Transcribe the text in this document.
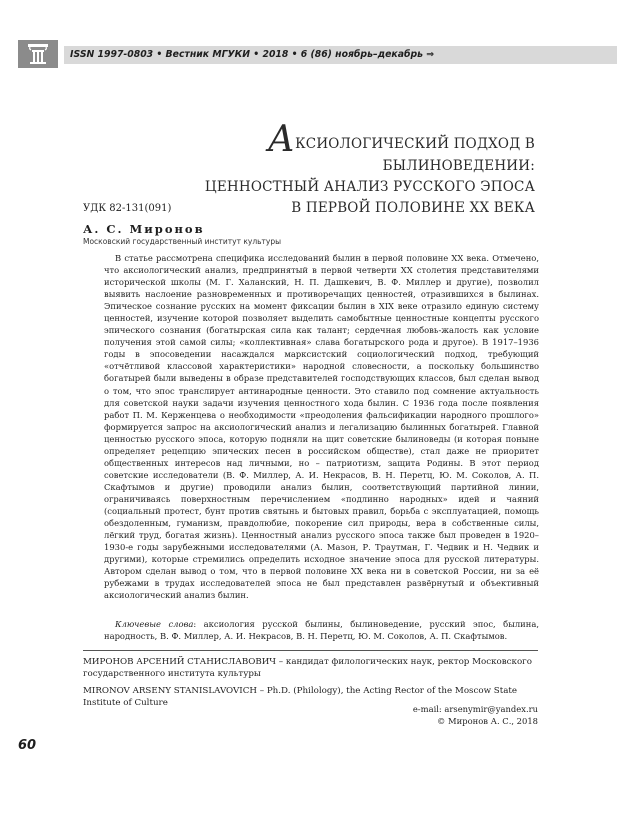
ISSN 1997-0803 • Вестник МГУКИ • 2018 • 6 (86) ноябрь–декабрь ⇒
АКСИОЛОГИЧЕСКИЙ ПОДХОД В БЫЛИНОВЕДЕНИИ:
ЦЕННОСТНЫЙ АНАЛИЗ РУССКОГО ЭПОСА
В ПЕРВОЙ ПОЛОВИНЕ XX ВЕКА
УДК 82-131(091)
А. С. Миронов
Московский государственный институт культуры

В статье рассмотрена специфика исследований былин в первой половине XX века. Отмечено, что аксиологический анализ, предпринятый в первой четверти XX столетия представителями исторической школы (М. Г. Халанский, Н. П. Дашкевич, В. Ф. Миллер и другие), позволил выявить наслоение разновременных и противоречащих ценностей, отразившихся в былинах. Эпическое сознание русских на момент фиксации былин в XIX веке отразило единую систему ценностей, изучение которой позволяет выделить самобытные ценностные концепты русского эпического сознания (богатырская сила как талант; сердечная любовь-жалость как условие получения этой самой силы; «коллективная» слава богатырского рода и другое). В 1917–1936 годы в эпосоведении насаждался марксистский социологический подход, требующий «отчётливой классовой характеристики» народной словесности, а поскольку большинство богатырей были выведены в образе представителей господствующих классов, был сделан вывод о том, что эпос транслирует антинародные ценности. Это ставило под сомнение актуальность для советской науки задачи изучения ценностного хода былин. С 1936 года после появления работ П. М. Керженцева о необходимости «преодоления фальсификации народного прошлого» формируется запрос на аксиологический анализ и легализацию былинных богатырей. Главной ценностью русского эпоса, которую подняли на щит советские былиноведы (и которая поныне определяет рецепцию эпических песен в российском обществе), стал даже не приоритет общественных интересов над личными, но – патриотизм, защита Родины. В этот период советские исследователи (В. Ф. Миллер, А. И. Некрасов, В. Н. Перетц, Ю. М. Соколов, А. П. Скафтымов и другие) проводили анализ былин, соответствующий партийной линии, ограничиваясь поверхностным перечислением «подлинно народных» идей и чаяний (социальный протест, бунт против святынь и бытовых правил, борьба с эксплуатацией, помощь обездоленным, гуманизм, правдолюбие, покорение сил природы, вера в собственные силы, лёгкий труд, богатая жизнь). Ценностный анализ русского эпоса также был проведен в 1920–1930-е годы зарубежными исследователями (А. Мазон, Р. Траутман, Г. Чедвик и Н. Чедвик и другими), которые стремились определить исходное значение эпоса для русской литературы. Автором сделан вывод о том, что в первой половине XX века ни в советской России, ни за её рубежами в трудах исследователей эпоса не был представлен развёрнутый и объективный аксиологический анализ былин.

Ключевые слова: аксиология русской былины, былиноведение, русский эпос, былина, народность, В. Ф. Миллер, А. И. Некрасов, В. Н. Перетц, Ю. М. Соколов, А. П. Скафтымов.

МИРОНОВ АРСЕНИЙ СТАНИСЛАВОВИЧ – кандидат филологических наук, ректор Московского государственного института культуры

MIRONOV ARSENY STANISLAVOVICH – Ph.D. (Philology), the Acting Rector of the Moscow State Institute of Culture

e-mail: arsenymir@yandex.ru
© Миронов А. С., 2018
60
